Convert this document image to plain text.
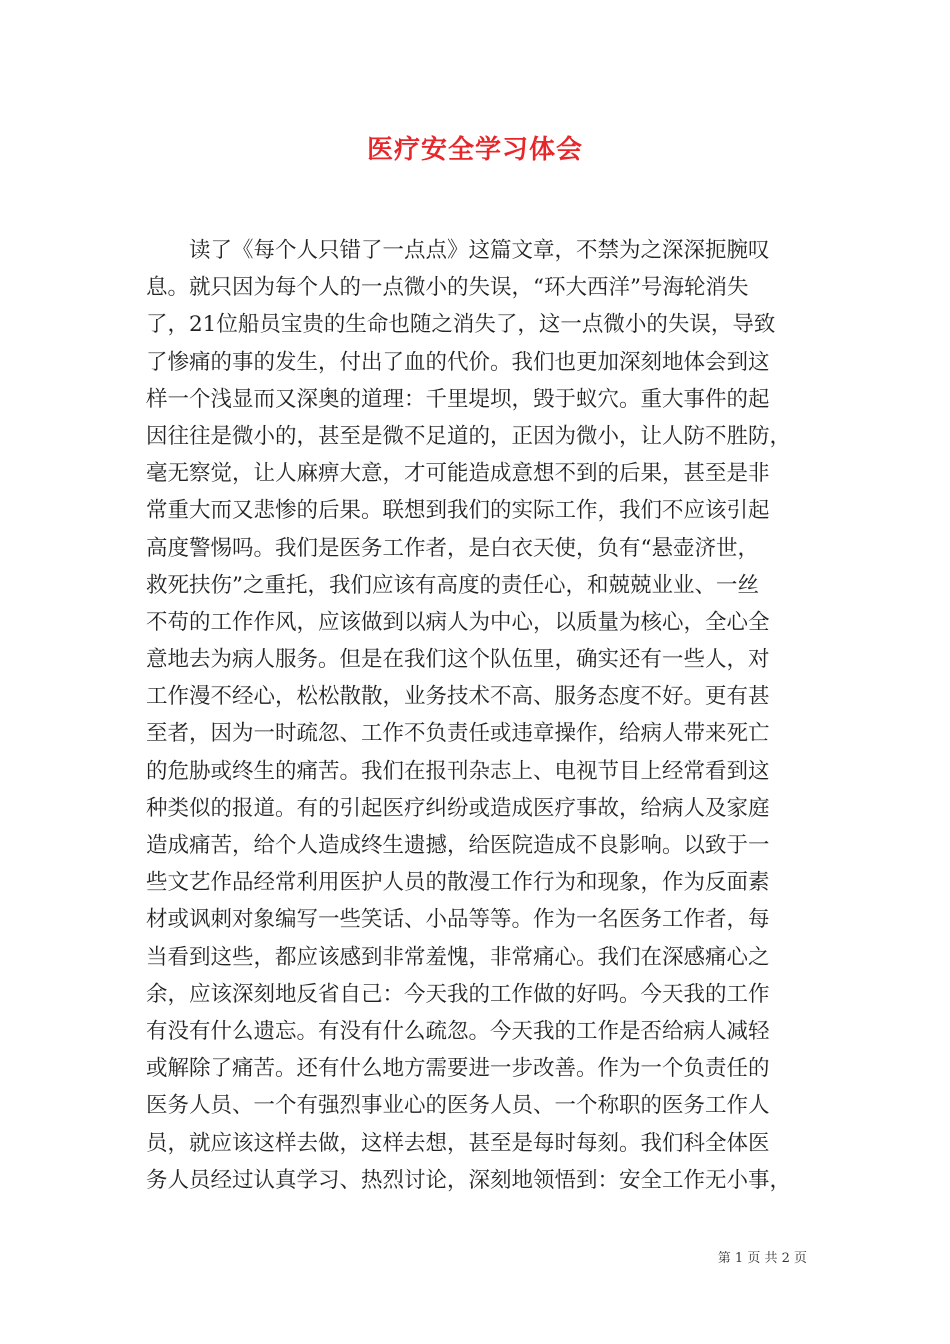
医疗安全学习体会
　　读了《每个人只错了一点点》这篇文章，不禁为之深深扼腕叹
息。就只因为每个人的一点微小的失误，“环大西洋”号海轮消失
了，21位船员宝贵的生命也随之消失了，这一点微小的失误，导致
了惨痛的事的发生，付出了血的代价。我们也更加深刻地体会到这
样一个浅显而又深奥的道理：千里堤坝，毁于蚁穴。重大事件的起
因往往是微小的，甚至是微不足道的，正因为微小，让人防不胜防，
毫无察觉，让人麻痹大意，才可能造成意想不到的后果，甚至是非
常重大而又悲惨的后果。联想到我们的实际工作，我们不应该引起
高度警惕吗。我们是医务工作者，是白衣天使，负有“悬壶济世，
救死扶伤”之重托，我们应该有高度的责任心，和兢兢业业、一丝
不苟的工作作风，应该做到以病人为中心，以质量为核心，全心全
意地去为病人服务。但是在我们这个队伍里，确实还有一些人，对
工作漫不经心，松松散散，业务技术不高、服务态度不好。更有甚
至者，因为一时疏忽、工作不负责任或违章操作，给病人带来死亡
的危胁或终生的痛苦。我们在报刊杂志上、电视节目上经常看到这
种类似的报道。有的引起医疗纠纷或造成医疗事故，给病人及家庭
造成痛苦，给个人造成终生遗撼，给医院造成不良影响。以致于一
些文艺作品经常利用医护人员的散漫工作行为和现象，作为反面素
材或讽刺对象编写一些笑话、小品等等。作为一名医务工作者，每
当看到这些，都应该感到非常羞愧，非常痛心。我们在深感痛心之
余，应该深刻地反省自己：今天我的工作做的好吗。今天我的工作
有没有什么遗忘。有没有什么疏忽。今天我的工作是否给病人减轻
或解除了痛苦。还有什么地方需要进一步改善。作为一个负责任的
医务人员、一个有强烈事业心的医务人员、一个称职的医务工作人
员，就应该这样去做，这样去想，甚至是每时每刻。我们科全体医
务人员经过认真学习、热烈讨论，深刻地领悟到：安全工作无小事，
第 1 页 共 2 页
